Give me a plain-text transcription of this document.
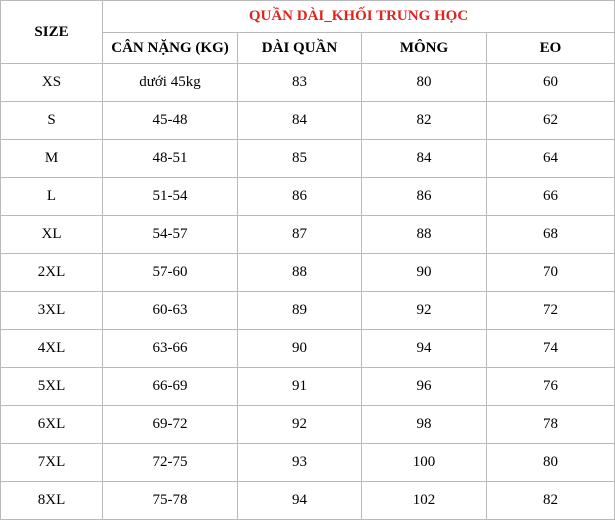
SIZE	QUẦN DÀI_KHỐI TRUNG HỌC			
	CÂN NẶNG (KG)	DÀI QUẦN	MÔNG	EO
XS	dưới 45kg	83	80	60
S	45-48	84	82	62
M	48-51	85	84	64
L	51-54	86	86	66
XL	54-57	87	88	68
2XL	57-60	88	90	70
3XL	60-63	89	92	72
4XL	63-66	90	94	74
5XL	66-69	91	96	76
6XL	69-72	92	98	78
7XL	72-75	93	100	80
8XL	75-78	94	102	82
